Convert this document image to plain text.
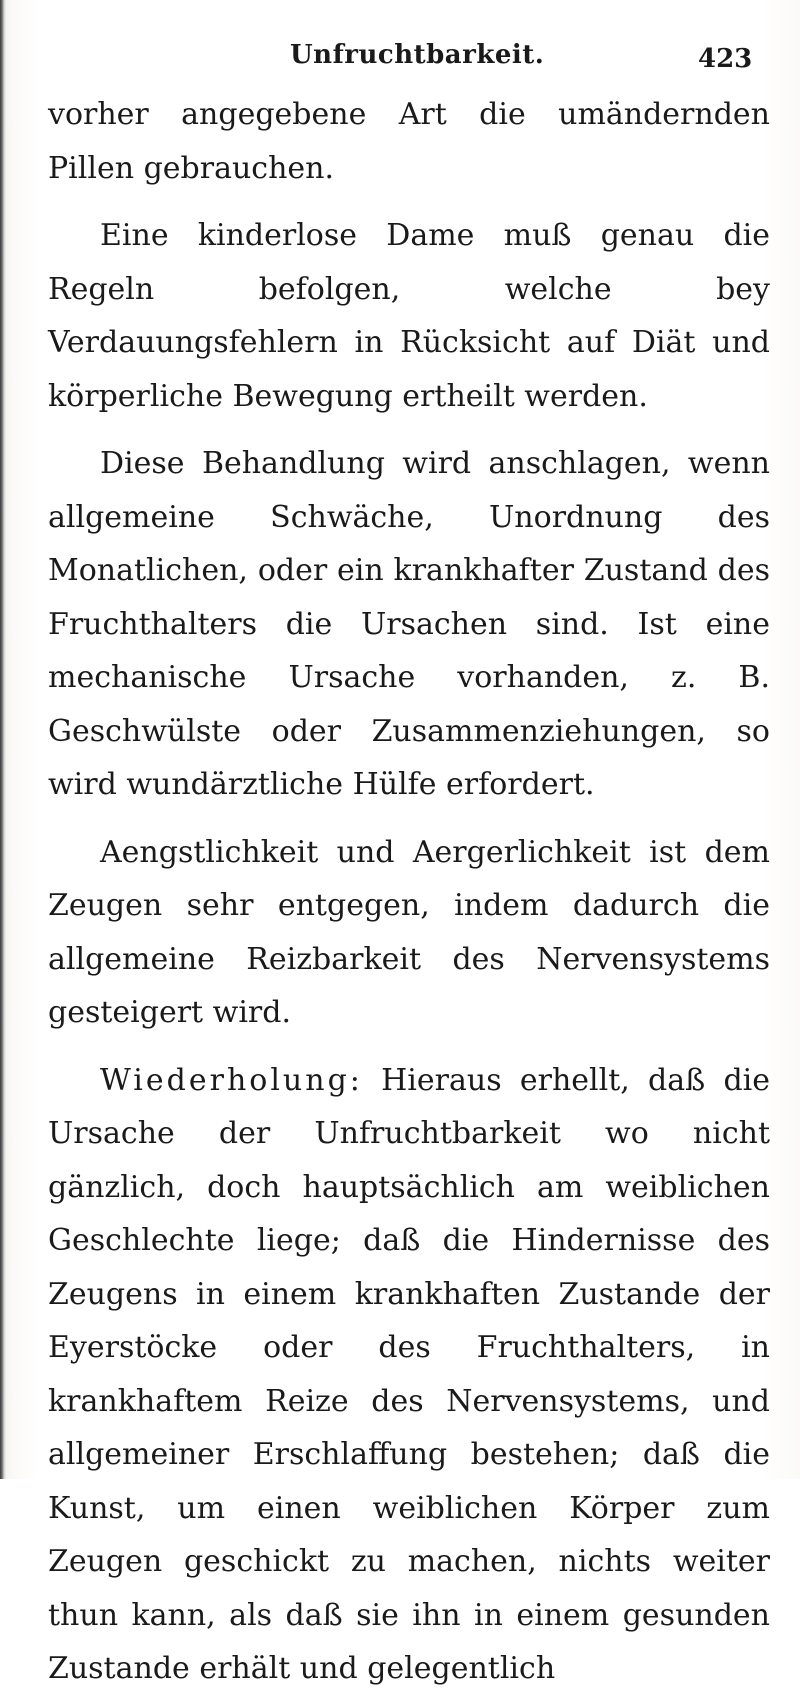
Unfruchtbarkeit.	423

vorher angegebene Art die umändernden Pillen gebrauchen.

Eine kinderlose Dame muß genau die Regeln befolgen, welche bey Verdauungsfehlern in Rücksicht auf Diät und körperliche Bewegung ertheilt werden.

Diese Behandlung wird anschlagen, wenn allgemeine Schwäche, Unordnung des Monatlichen, oder ein krankhafter Zustand des Fruchthalters die Ursachen sind. Ist eine mechanische Ursache vorhanden, z. B. Geschwülste oder Zusammenziehungen, so wird wundärztliche Hülfe erfordert.

Aengstlichkeit und Aergerlichkeit ist dem Zeugen sehr entgegen, indem dadurch die allgemeine Reizbarkeit des Nervensystems gesteigert wird.

Wiederholung: Hieraus erhellt, daß die Ursache der Unfruchtbarkeit wo nicht gänzlich, doch hauptsächlich am weiblichen Geschlechte liege; daß die Hindernisse des Zeugens in einem krankhaften Zustande der Eyerstöcke oder des Fruchthalters, in krankhaftem Reize des Nervensystems, und allgemeiner Erschlaffung bestehen; daß die Kunst, um einen weiblichen Körper zum Zeugen geschickt zu machen, nichts weiter thun kann, als daß sie ihn in einem gesunden Zustande erhält und gelegentlich
